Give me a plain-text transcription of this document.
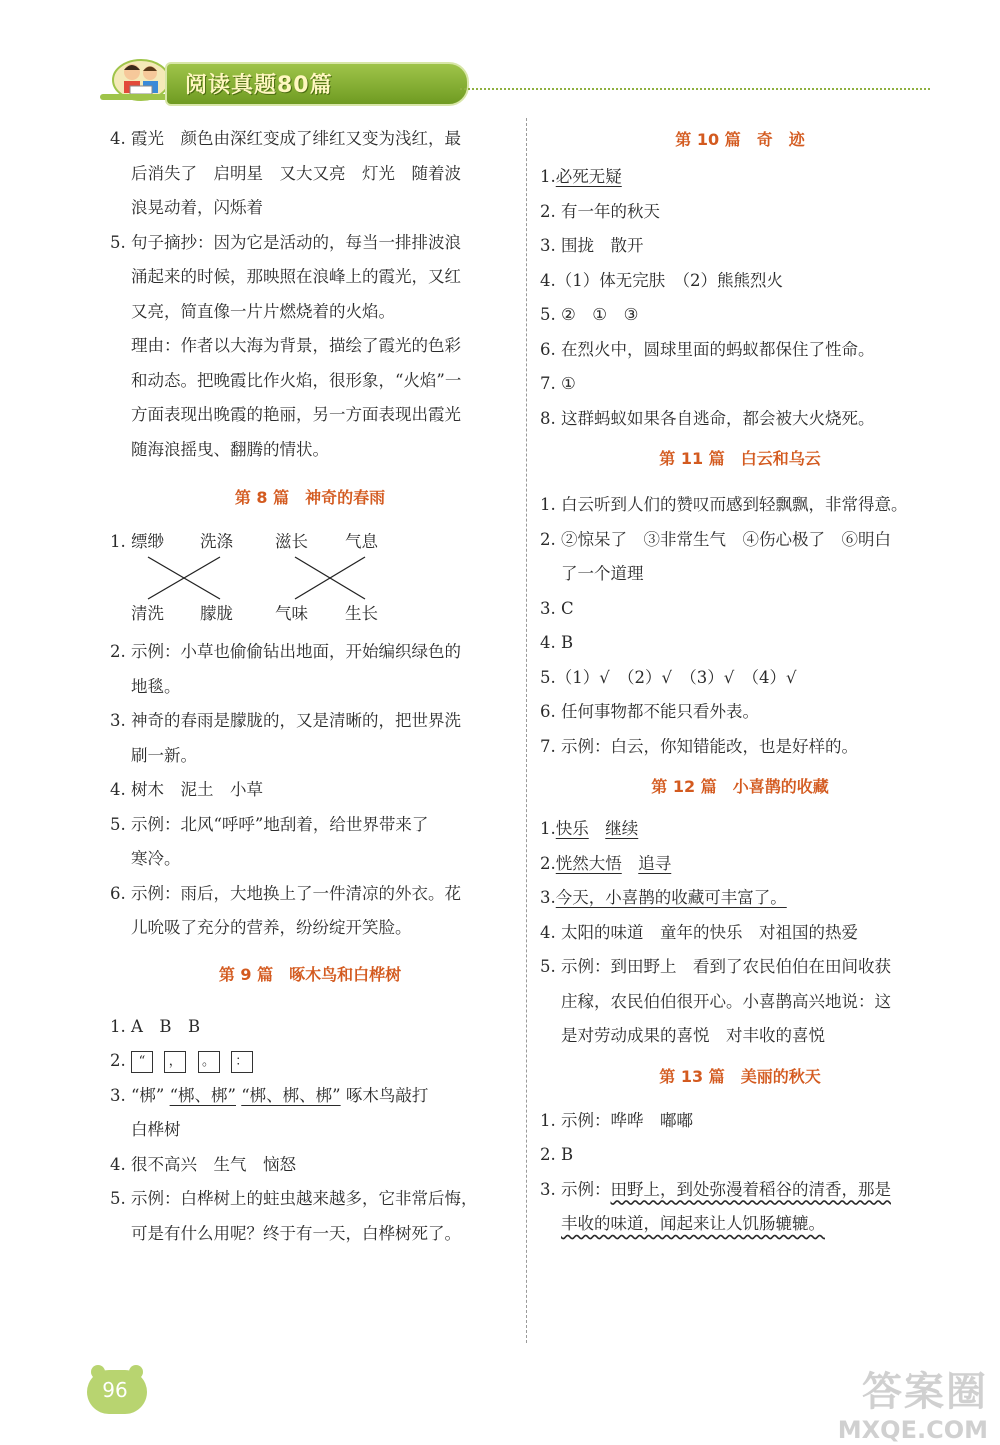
阅读真题80篇

4. 霞光　颜色由深红变成了绯红又变为浅红，最

后消失了　启明星　又大又亮　灯光　随着波

浪晃动着，闪烁着

5. 句子摘抄：因为它是活动的，每当一排排波浪

涌起来的时候，那映照在浪峰上的霞光，又红

又亮，简直像一片片燃烧着的火焰。

理由：作者以大海为背景，描绘了霞光的色彩

和动态。把晚霞比作火焰，很形象，“火焰”一

方面表现出晚霞的艳丽，另一方面表现出霞光

随海浪摇曳、翻腾的情状。

第 8 篇　神奇的春雨

1. 缥缈 洗涤	滋长 气息
清洗 朦胧	气味 生长

2. 示例：小草也偷偷钻出地面，开始编织绿色的

地毯。

3. 神奇的春雨是朦胧的，又是清晰的，把世界洗

刷一新。

4. 树木　泥土　小草

5. 示例：北风“呼呼”地刮着，给世界带来了

寒冷。

6. 示例：雨后，大地换上了一件清凉的外衣。花

儿吮吸了充分的营养，纷纷绽开笑脸。

第 9 篇　啄木鸟和白桦树

1. A　B　B

2. “ ， 。 ：

3. “梆” “梆、梆” “梆、梆、梆” 啄木鸟敲打

白桦树

4. 很不高兴　生气　恼怒

5. 示例：白桦树上的蛀虫越来越多，它非常后悔，

可是有什么用呢？终于有一天，白桦树死了。

第 10 篇　奇　迹

1.必死无疑

2. 有一年的秋天

3. 围拢　散开

4.（1）体无完肤　（2）熊熊烈火

5. ②　①　③

6. 在烈火中，圆球里面的蚂蚁都保住了性命。

7. ①

8. 这群蚂蚁如果各自逃命，都会被大火烧死。

第 11 篇　白云和乌云

1. 白云听到人们的赞叹而感到轻飘飘，非常得意。

2. ②惊呆了　③非常生气　④伤心极了　⑥明白

了一个道理

3. C

4. B

5.（1）√　（2）√　（3）√　（4）√

6. 任何事物都不能只看外表。

7. 示例：白云，你知错能改，也是好样的。

第 12 篇　小喜鹊的收藏

1.快乐　 继续

2.恍然大悟　 追寻

3.今天，小喜鹊的收藏可丰富了。

4. 太阳的味道　童年的快乐　对祖国的热爱

5. 示例：到田野上　看到了农民伯伯在田间收获

庄稼，农民伯伯很开心。小喜鹊高兴地说：这

是对劳动成果的喜悦　对丰收的喜悦

第 13 篇　美丽的秋天

1. 示例：哗哗　嘟嘟

2. B

3. 示例：田野上，到处弥漫着稻谷的清香，那是

丰收的味道，闻起来让人饥肠辘辘。

96	答案圈
MXQE.COM
